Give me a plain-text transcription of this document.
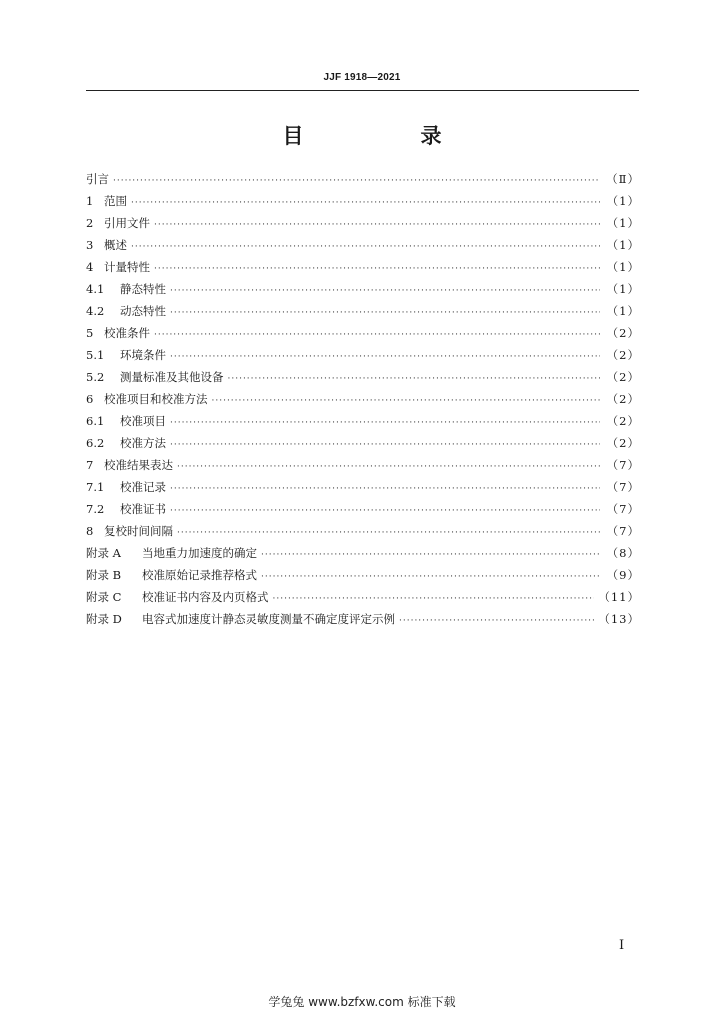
JJF 1918—2021
目　录
引言 ·····	（Ⅱ）
1 范围 ·····	（1）
2 引用文件 ·····	（1）
3 概述 ·····	（1）
4 计量特性 ·····	（1）
4.1	静态特性 ·····	（1）
4.2	动态特性 ·····	（1）
5 校准条件 ·····	（2）
5.1	环境条件 ·····	（2）
5.2	测量标准及其他设备 ·····	（2）
6 校准项目和校准方法 ·····	（2）
6.1	校准项目 ·····	（2）
6.2	校准方法 ·····	（2）
7 校准结果表达 ·····	（7）
7.1	校准记录 ·····	（7）
7.2	校准证书 ·····	（7）
8 复校时间间隔 ·····	（7）
附录 A	当地重力加速度的确定 ·····	（8）
附录 B	校准原始记录推荐格式 ·····	（9）
附录 C	校准证书内容及内页格式 ·····	（11）
附录 D	电容式加速度计静态灵敏度测量不确定度评定示例 ·····	（13）
I
学兔兔 www.bzfxw.com 标准下载
